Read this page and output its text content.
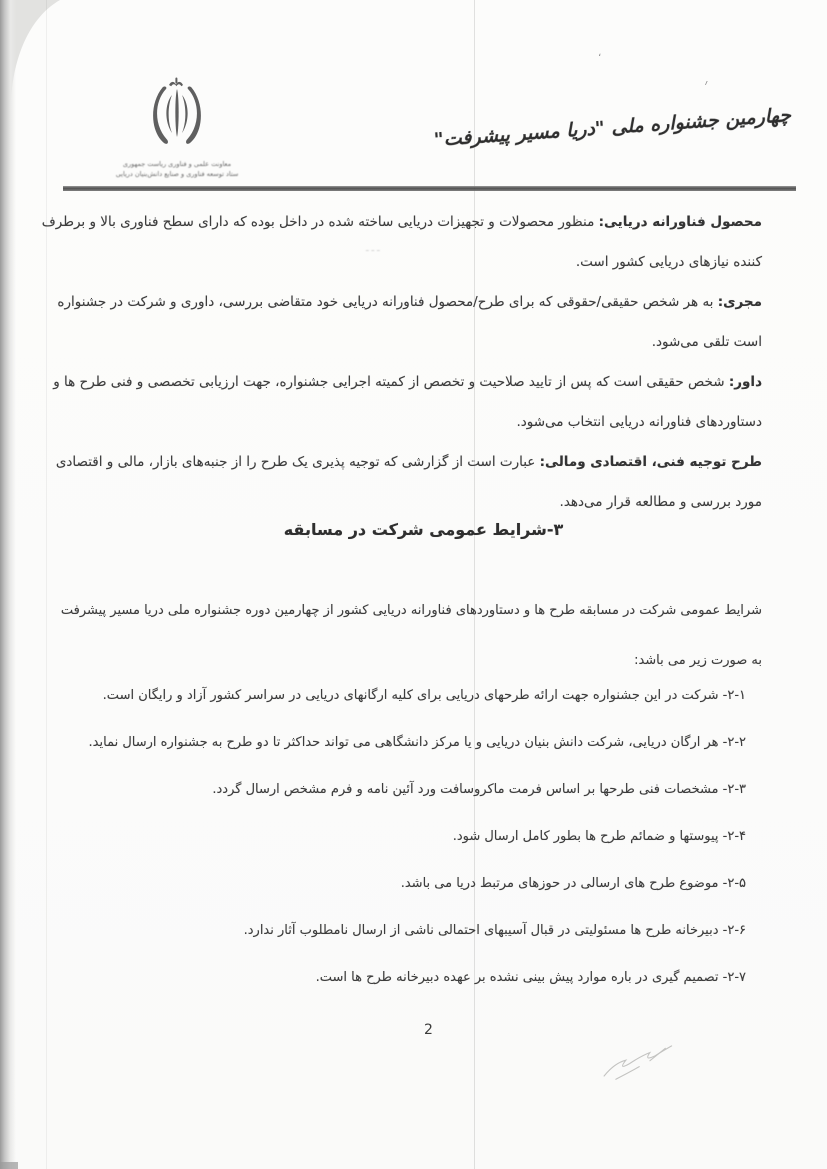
،
؍
ـ ـ ـ
معاونت علمی و فناوری ریاست جمهوری
ستاد توسعه فناوری و صنایع دانش‌بنیان دریایی
چهارمین جشنواره ملی "دریا مسیر پیشرفت"
محصول فناورانه دریایی: منظور محصولات و تجهیزات دریایی ساخته شده در داخل بوده که دارای سطح فناوری بالا و برطرف
کننده نیازهای دریایی کشور است.
مجری: به هر شخص حقیقی/حقوقی که برای طرح/محصول فناورانه دریایی خود متقاضی بررسی، داوری و شرکت در جشنواره
است تلقی می‌شود.
داور: شخص حقیقی است که پس از تایید صلاحیت و تخصص از کمیته اجرایی جشنواره، جهت ارزیابی تخصصی و فنی طرح ها و
دستاوردهای فناورانه دریایی انتخاب می‌شود.
طرح توجیه فنی، اقتصادی ومالی: عبارت است از گزارشی که توجیه پذیری یک طرح را از جنبه‌های بازار، مالی و اقتصادی
مورد بررسی و مطالعه قرار می‌دهد.
۳-شرایط عمومی شرکت در مسابقه
شرایط عمومی شرکت در مسابقه طرح ها و دستاوردهای فناورانه دریایی کشور از چهارمین دوره جشنواره ملی دریا مسیر پیشرفت
به صورت زیر می باشد:
۲-۱- شرکت در این جشنواره جهت ارائه طرحهای دریایی برای کلیه ارگانهای دریایی در سراسر کشور آزاد و رایگان است.
۲-۲- هر ارگان دریایی، شرکت دانش بنیان دریایی و یا مرکز دانشگاهی می تواند حداکثر تا دو طرح به جشنواره ارسال نماید.
۲-۳- مشخصات فنی طرحها بر اساس فرمت ماکروسافت ورد آئین نامه و فرم مشخص ارسال گردد.
۲-۴- پیوستها و ضمائم طرح ها بطور کامل ارسال شود.
۲-۵- موضوع طرح های ارسالی در حوزهای مرتبط دریا می باشد.
۲-۶- دبیرخانه طرح ها مسئولیتی در قبال آسیبهای احتمالی ناشی از ارسال نامطلوب آثار ندارد.
۲-۷- تصمیم گیری در باره موارد پیش بینی نشده بر عهده دبیرخانه طرح ها است.
2
